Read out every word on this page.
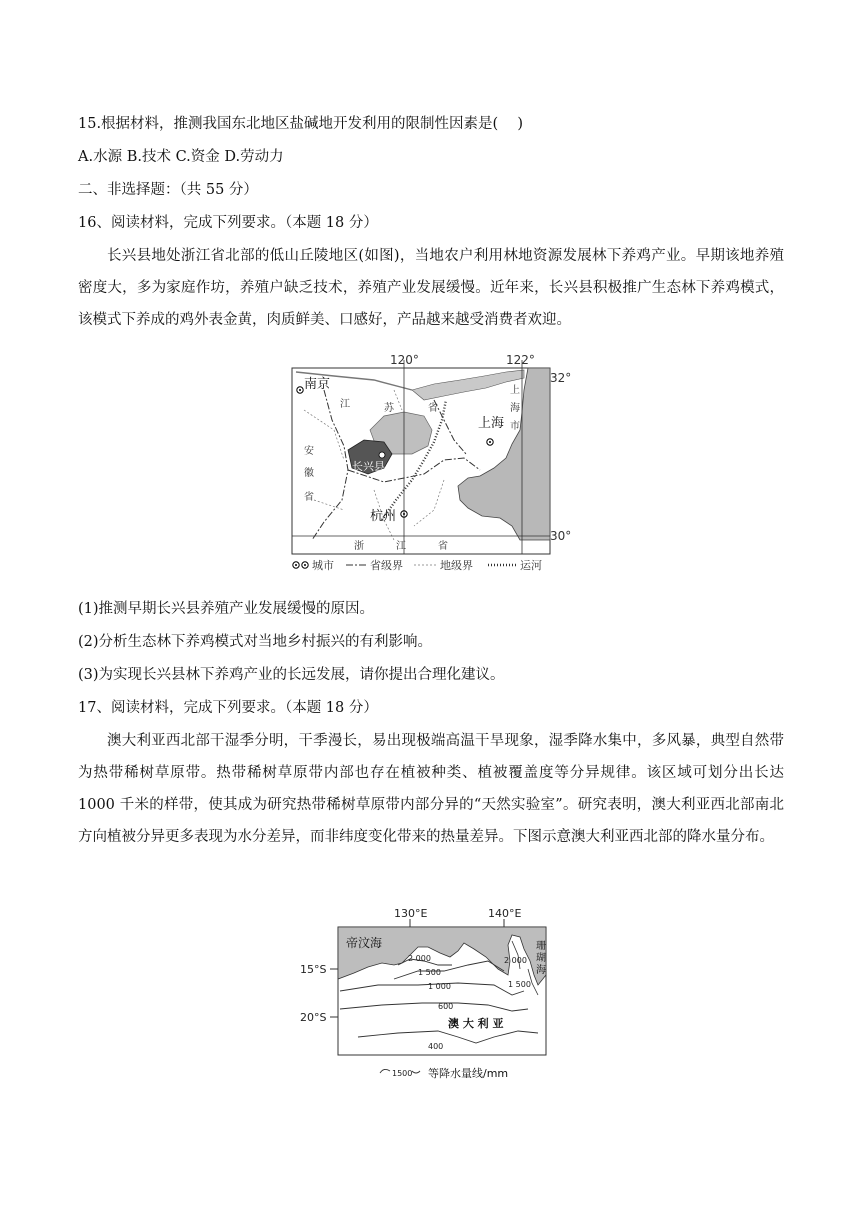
15.根据材料，推测我国东北地区盐碱地开发利用的限制性因素是(　 )
A.水源 B.技术 C.资金 D.劳动力
二、非选择题：（共 55 分）
16、阅读材料，完成下列要求。（本题 18 分）
长兴县地处浙江省北部的低山丘陵地区(如图)，当地农户利用林地资源发展林下养鸡产业。早期该地养殖密度大，多为家庭作坊，养殖户缺乏技术，养殖产业发展缓慢。近年来，长兴县积极推广生态林下养鸡模式，该模式下养成的鸡外表金黄，肉质鲜美、口感好，产品越来越受消费者欢迎。
120°	122°
32°
30°
南京
上海
杭州
长兴县
江	苏	省
上
海
市
安
徽
省
浙	江	省
城市	省级界	地级界	运河
(1)推测早期长兴县养殖产业发展缓慢的原因。
(2)分析生态林下养鸡模式对当地乡村振兴的有利影响。
(3)为实现长兴县林下养鸡产业的长远发展，请你提出合理化建议。
17、阅读材料，完成下列要求。（本题 18 分）
澳大利亚西北部干湿季分明，干季漫长，易出现极端高温干旱现象，湿季降水集中，多风暴，典型自然带为热带稀树草原带。热带稀树草原带内部也存在植被种类、植被覆盖度等分异规律。该区域可划分出长达 1000 千米的样带，使其成为研究热带稀树草原带内部分异的“天然实验室”。研究表明，澳大利亚西北部南北方向植被分异更多表现为水分差异，而非纬度变化带来的热量差异。下图示意澳大利亚西北部的降水量分布。
130°E	140°E
15°S
20°S
帝汶海	珊
瑚
海
澳 大 利 亚
2 000
1 500
1 000
600
400
2 000
1 500
1500 等降水量线/mm
